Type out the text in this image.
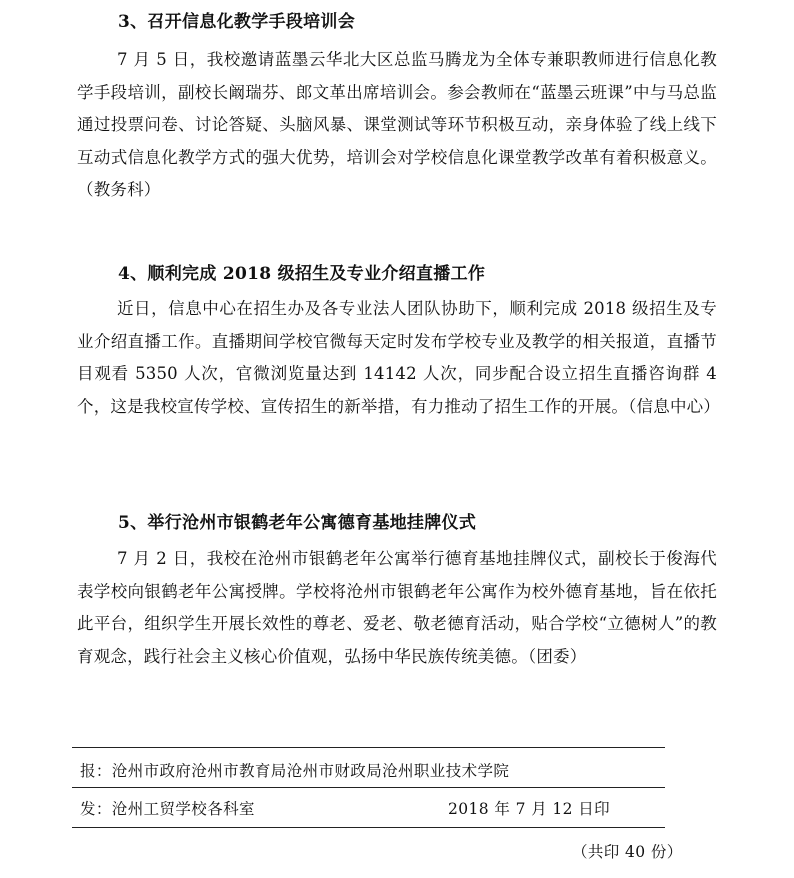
3、召开信息化教学手段培训会
7 月 5 日，我校邀请蓝墨云华北大区总监马腾龙为全体专兼职教师进行信息化教学手段培训，副校长阚瑞芬、郎文革出席培训会。参会教师在“蓝墨云班课”中与马总监通过投票问卷、讨论答疑、头脑风暴、课堂测试等环节积极互动，亲身体验了线上线下互动式信息化教学方式的强大优势，培训会对学校信息化课堂教学改革有着积极意义。（教务科）
4、顺利完成 2018 级招生及专业介绍直播工作
近日，信息中心在招生办及各专业法人团队协助下，顺利完成 2018 级招生及专业介绍直播工作。直播期间学校官微每天定时发布学校专业及教学的相关报道，直播节目观看 5350 人次，官微浏览量达到 14142 人次，同步配合设立招生直播咨询群 4 个，这是我校宣传学校、宣传招生的新举措，有力推动了招生工作的开展。（信息中心）
5、举行沧州市银鹤老年公寓德育基地挂牌仪式
7 月 2 日，我校在沧州市银鹤老年公寓举行德育基地挂牌仪式，副校长于俊海代表学校向银鹤老年公寓授牌。学校将沧州市银鹤老年公寓作为校外德育基地，旨在依托此平台，组织学生开展长效性的尊老、爱老、敬老德育活动，贴合学校“立德树人”的教育观念，践行社会主义核心价值观，弘扬中华民族传统美德。（团委）
报：沧州市政府沧州市教育局沧州市财政局沧州职业技术学院
发：沧州工贸学校各科室	2018 年 7 月 12 日印
（共印 40 份）
